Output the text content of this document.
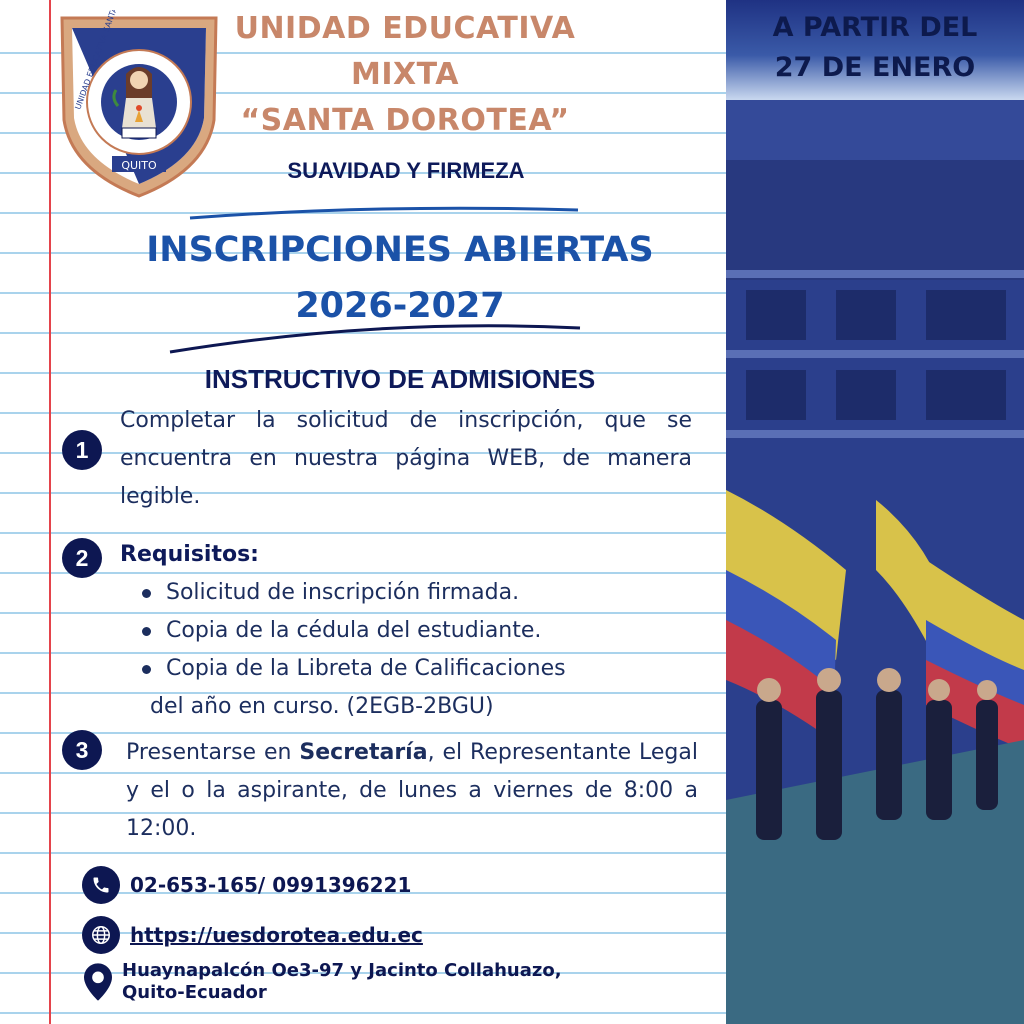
QUITO
UNIDAD EDUCATIVA
MIXTA
“SANTA DOROTEA”
SUAVIDAD Y FIRMEZA
INSCRIPCIONES ABIERTAS
2026-2027
INSTRUCTIVO DE ADMISIONES
1
Completar la solicitud de inscripción, que se encuentra en nuestra página WEB, de manera legible.
2	Requisitos:
Solicitud de inscripción firmada.
Copia de la cédula del estudiante.
Copia de la Libreta de Calificaciones
del año en curso. (2EGB-2BGU)
3	Presentarse en Secretaría, el Representante Legal y el o la aspirante, de lunes a viernes de 8:00 a 12:00.
02-653-165/ 0991396221
https://uesdorotea.edu.ec
Huaynapalcón Oe3-97 y Jacinto Collahuazo,
Quito-Ecuador
A PARTIR DEL
27 DE ENERO
